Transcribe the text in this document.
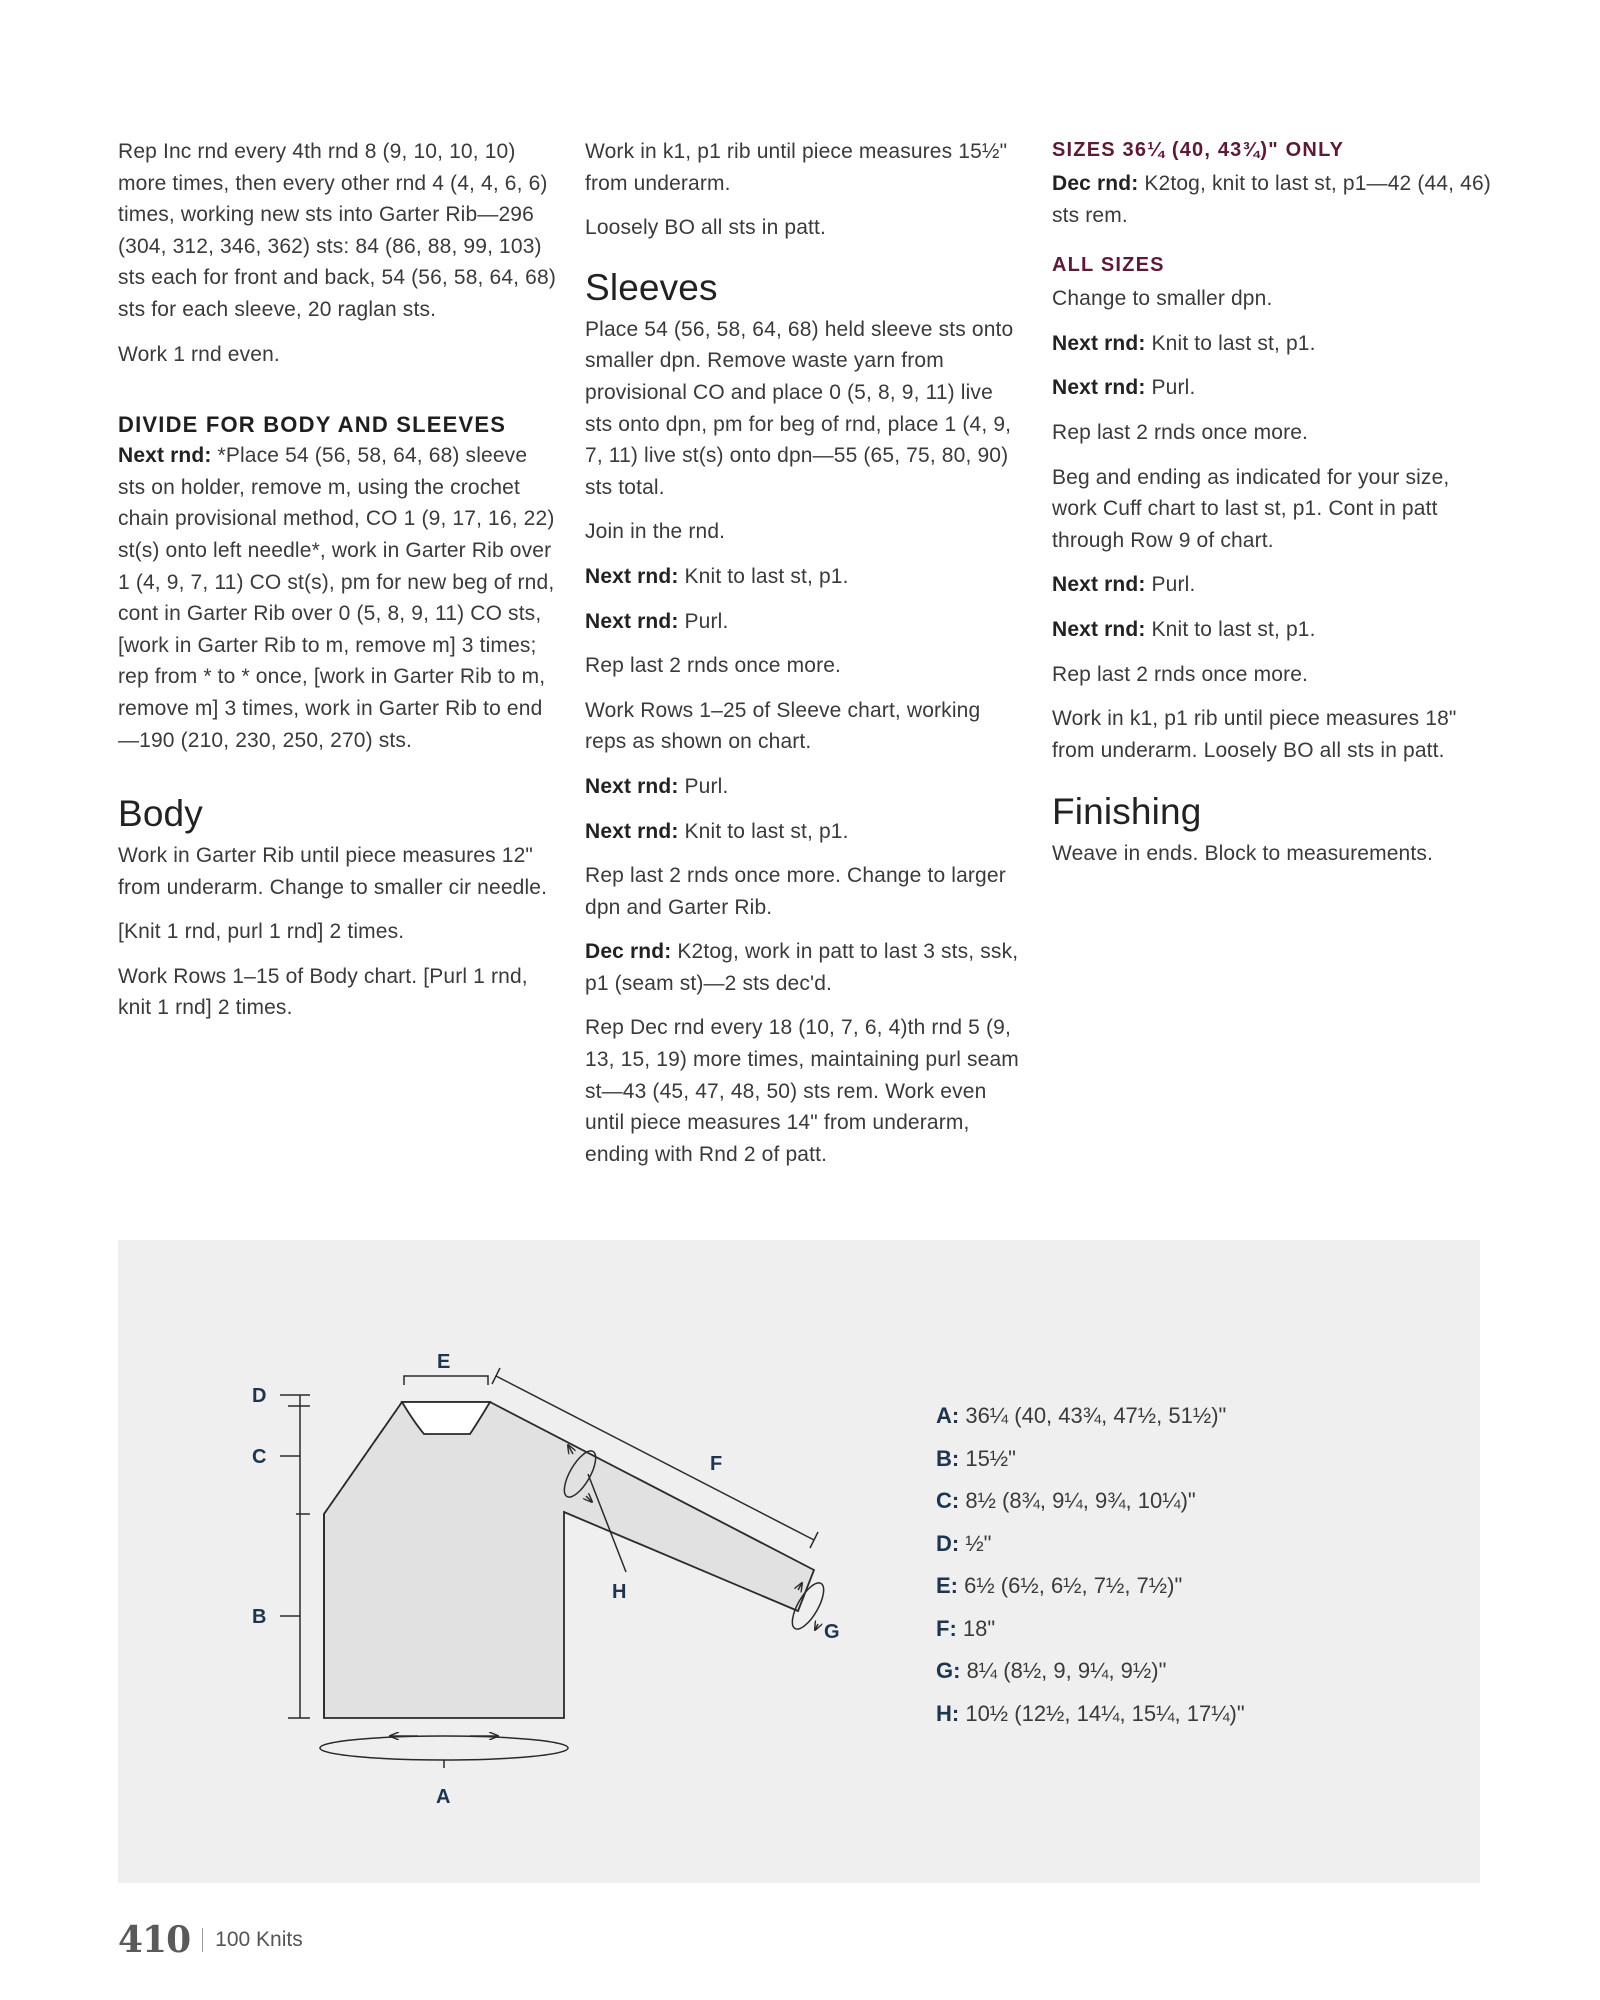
Rep Inc rnd every 4th rnd 8 (9, 10, 10, 10) more times, then every other rnd 4 (4, 4, 6, 6) times, working new sts into Garter Rib—296 (304, 312, 346, 362) sts: 84 (86, 88, 99, 103) sts each for front and back, 54 (56, 58, 64, 68) sts for each sleeve, 20 raglan sts.

Work 1 rnd even.

DIVIDE FOR BODY AND SLEEVES

Next rnd: *Place 54 (56, 58, 64, 68) sleeve sts on holder, remove m, using the crochet chain provisional method, CO 1 (9, 17, 16, 22) st(s) onto left needle*, work in Garter Rib over 1 (4, 9, 7, 11) CO st(s), pm for new beg of rnd, cont in Garter Rib over 0 (5, 8, 9, 11) CO sts, [work in Garter Rib to m, remove m] 3 times; rep from * to * once, [work in Garter Rib to m, remove m] 3 times, work in Garter Rib to end—190 (210, 230, 250, 270) sts.

Body

Work in Garter Rib until piece measures 12" from underarm. Change to smaller cir needle.

[Knit 1 rnd, purl 1 rnd] 2 times.

Work Rows 1–15 of Body chart. [Purl 1 rnd, knit 1 rnd] 2 times.

Work in k1, p1 rib until piece measures 15½" from underarm.

Loosely BO all sts in patt.

Sleeves

Place 54 (56, 58, 64, 68) held sleeve sts onto smaller dpn. Remove waste yarn from provisional CO and place 0 (5, 8, 9, 11) live sts onto dpn, pm for beg of rnd, place 1 (4, 9, 7, 11) live st(s) onto dpn—55 (65, 75, 80, 90) sts total.

Join in the rnd.

Next rnd: Knit to last st, p1.

Next rnd: Purl.

Rep last 2 rnds once more.

Work Rows 1–25 of Sleeve chart, working reps as shown on chart.

Next rnd: Purl.

Next rnd: Knit to last st, p1.

Rep last 2 rnds once more. Change to larger dpn and Garter Rib.

Dec rnd: K2tog, work in patt to last 3 sts, ssk, p1 (seam st)—2 sts dec'd.

Rep Dec rnd every 18 (10, 7, 6, 4)th rnd 5 (9, 13, 15, 19) more times, maintaining purl seam st—43 (45, 47, 48, 50) sts rem. Work even until piece measures 14" from underarm, ending with Rnd 2 of patt.

SIZES 36¼ (40, 43¾)" ONLY

Dec rnd: K2tog, knit to last st, p1—42 (44, 46) sts rem.

ALL SIZES

Change to smaller dpn.

Next rnd: Knit to last st, p1.

Next rnd: Purl.

Rep last 2 rnds once more.

Beg and ending as indicated for your size, work Cuff chart to last st, p1. Cont in patt through Row 9 of chart.

Next rnd: Purl.

Next rnd: Knit to last st, p1.

Rep last 2 rnds once more.

Work in k1, p1 rib until piece measures 18" from underarm. Loosely BO all sts in patt.

Finishing

Weave in ends. Block to measurements.

D
C
B
E
F
H
G
A
A: 36¼ (40, 43¾, 47½, 51½)"
B: 15½"
C: 8½ (8¾, 9¼, 9¾, 10¼)"
D: ½"
E: 6½ (6½, 6½, 7½, 7½)"
F: 18"
G: 8¼ (8½, 9, 9¼, 9½)"
H: 10½ (12½, 14¼, 15¼, 17¼)"
410 100 Knits
